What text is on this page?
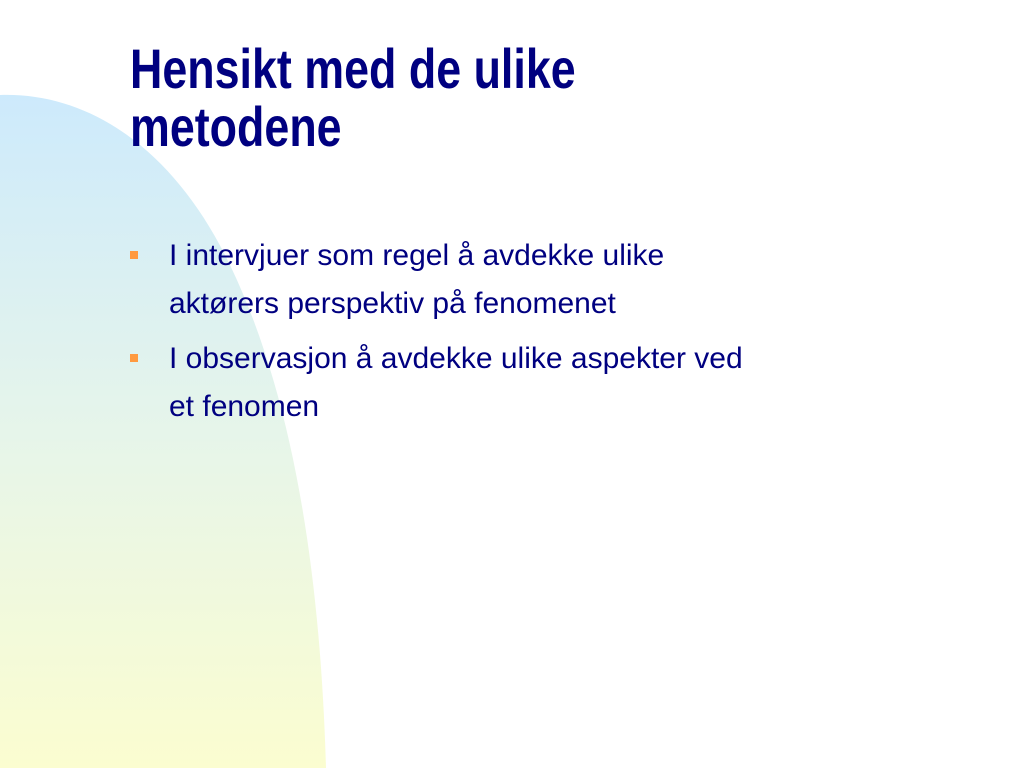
Hensikt med de ulike
metodene
I intervjuer som regel å avdekke ulike
aktørers perspektiv på fenomenet
I observasjon å avdekke ulike aspekter ved
et fenomen
